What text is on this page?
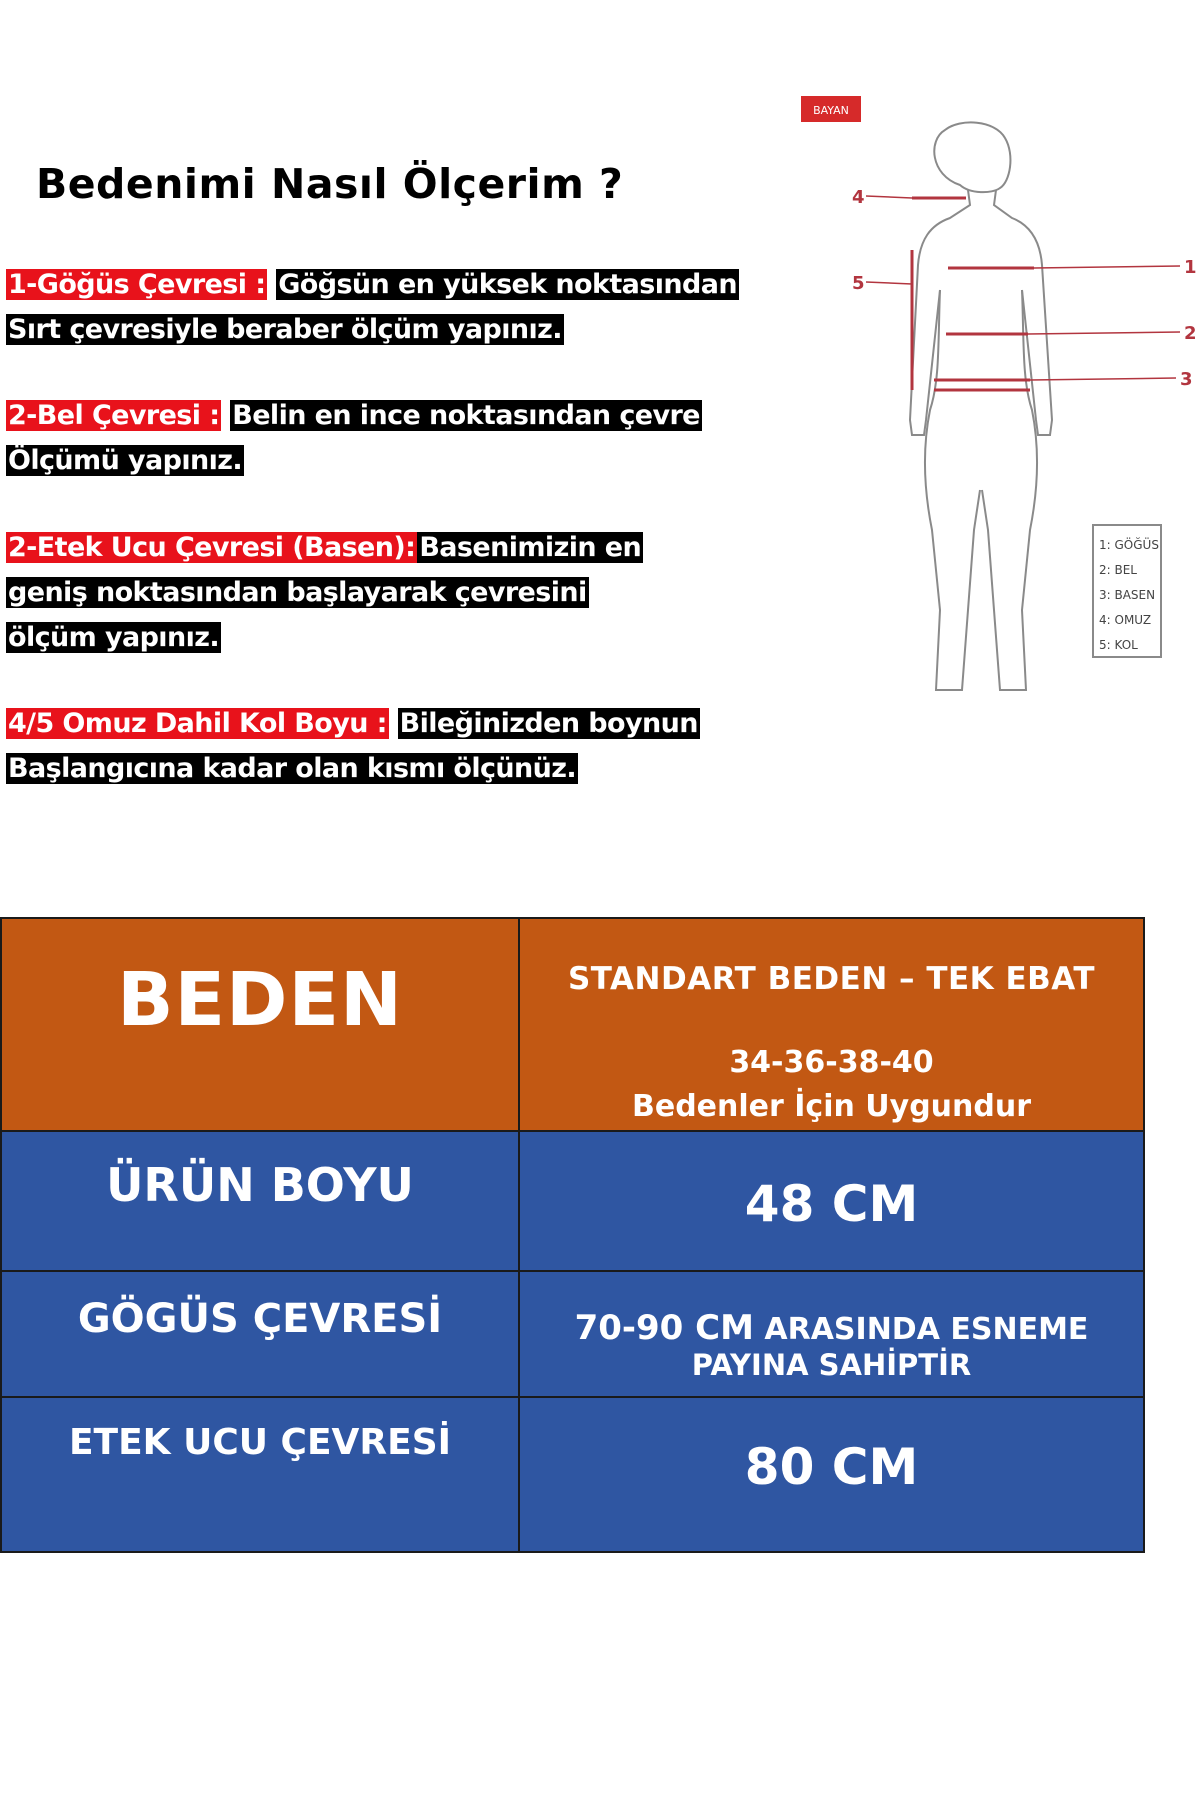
Bedenimi Nasıl Ölçerim ?
1-Göğüs Çevresi : Göğsün en yüksek noktasından
Sırt çevresiyle beraber ölçüm yapınız.
2-Bel Çevresi : Belin en ince noktasından çevre
Ölçümü yapınız.
2-Etek Ucu Çevresi (Basen): Basenimizin en
geniş noktasından başlayarak çevresini
ölçüm yapınız.
4/5 Omuz Dahil Kol Boyu : Bileğinizden boynun
Başlangıcına kadar olan kısmı ölçünüz.
BAYAN
1
2
3
4
5
1: GÖĞÜS
2: BEL
3: BASEN
4: OMUZ
5: KOL
BEDEN	STANDART BEDEN – TEK EBAT
34-36-38-40
Bedenler İçin Uygundur
ÜRÜN BOYU	48 CM
GÖGÜS ÇEVRESİ	70-90 CM ARASINDA ESNEME
PAYINA SAHİPTİR
ETEK UCU ÇEVRESİ	80 CM
